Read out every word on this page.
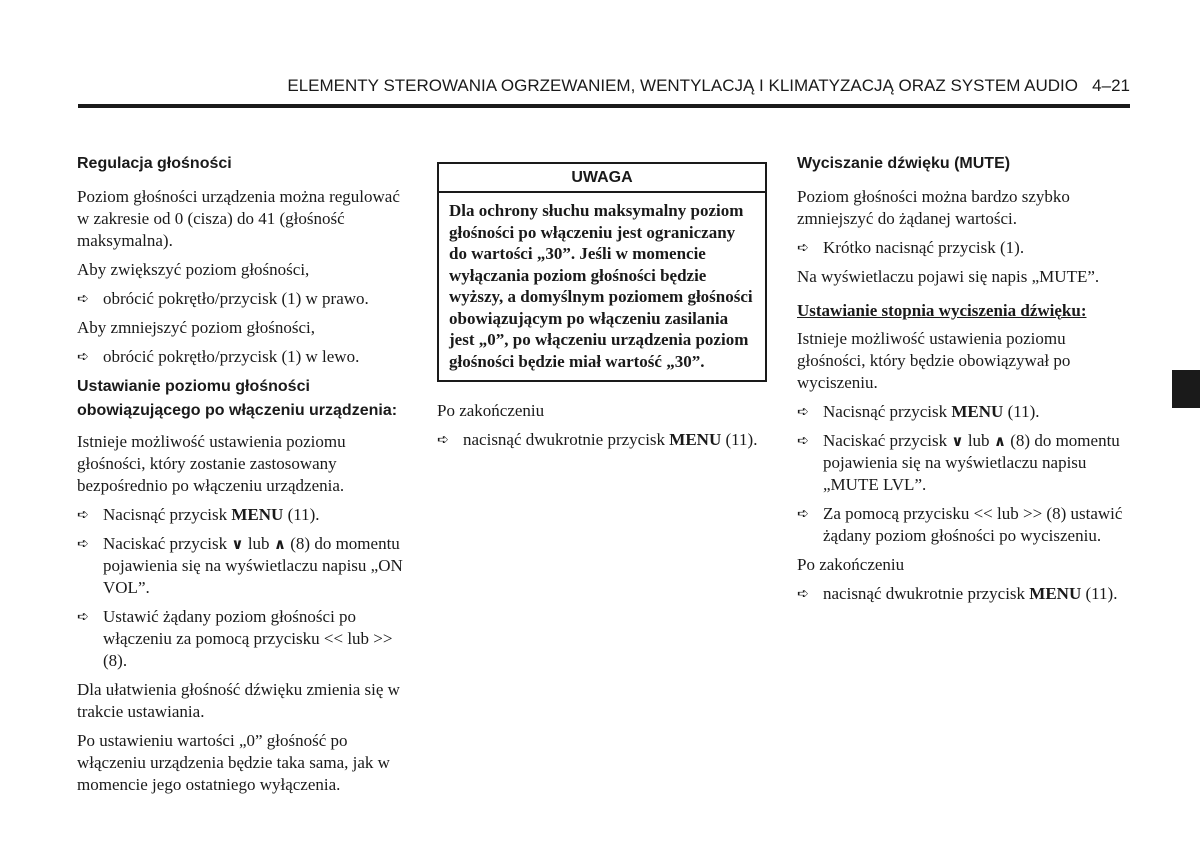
ELEMENTY STEROWANIA OGRZEWANIEM, WENTYLACJĄ I KLIMATYZACJĄ ORAZ SYSTEM AUDIO   4–21
Regulacja głośności

Poziom głośności urządzenia można regulować w zakresie od 0 (cisza) do 41 (głośność maksymalna).

Aby zwiększyć poziom głośności,

➪ obrócić pokrętło/przycisk (1) w prawo.

Aby zmniejszyć poziom głośności,

➪ obrócić pokrętło/przycisk (1) w lewo.
Ustawianie poziomu głośności obowiązującego po włączeniu urządzenia:

Istnieje możliwość ustawienia poziomu głośności, który zostanie zastosowany bezpośrednio po włączeniu urządzenia.

➪ Nacisnąć przycisk MENU (11).
➪ Naciskać przycisk ∨ lub ∧ (8) do momentu pojawienia się na wyświetlaczu napisu „ON VOL”.
➪ Ustawić żądany poziom głośności po włączeniu za pomocą przycisku << lub >> (8).

Dla ułatwienia głośność dźwięku zmienia się w trakcie ustawiania.

Po ustawieniu wartości „0” głośność po włączeniu urządzenia będzie taka sama, jak w momencie jego ostatniego wyłączenia.

UWAGA
Dla ochrony słuchu maksymalny poziom głośności po włączeniu jest ograniczany do wartości „30”. Jeśli w momencie wyłączania poziom głośności będzie wyższy, a domyślnym poziomem głośności obowiązującym po włączeniu zasilania jest „0”, po włączeniu urządzenia poziom głośności będzie miał wartość „30”.

Po zakończeniu

➪ nacisnąć dwukrotnie przycisk MENU (11).
Wyciszanie dźwięku (MUTE)

Poziom głośności można bardzo szybko zmniejszyć do żądanej wartości.

➪ Krótko nacisnąć przycisk (1).

Na wyświetlaczu pojawi się napis „MUTE”.

Ustawianie stopnia wyciszenia dźwięku:

Istnieje możliwość ustawienia poziomu głośności, który będzie obowiązywał po wyciszeniu.

➪ Nacisnąć przycisk MENU (11).
➪ Naciskać przycisk ∨ lub ∧ (8) do momentu pojawienia się na wyświetlaczu napisu „MUTE LVL”.
➪ Za pomocą przycisku << lub >> (8) ustawić żądany poziom głośności po wyciszeniu.

Po zakończeniu

➪ nacisnąć dwukrotnie przycisk MENU (11).
